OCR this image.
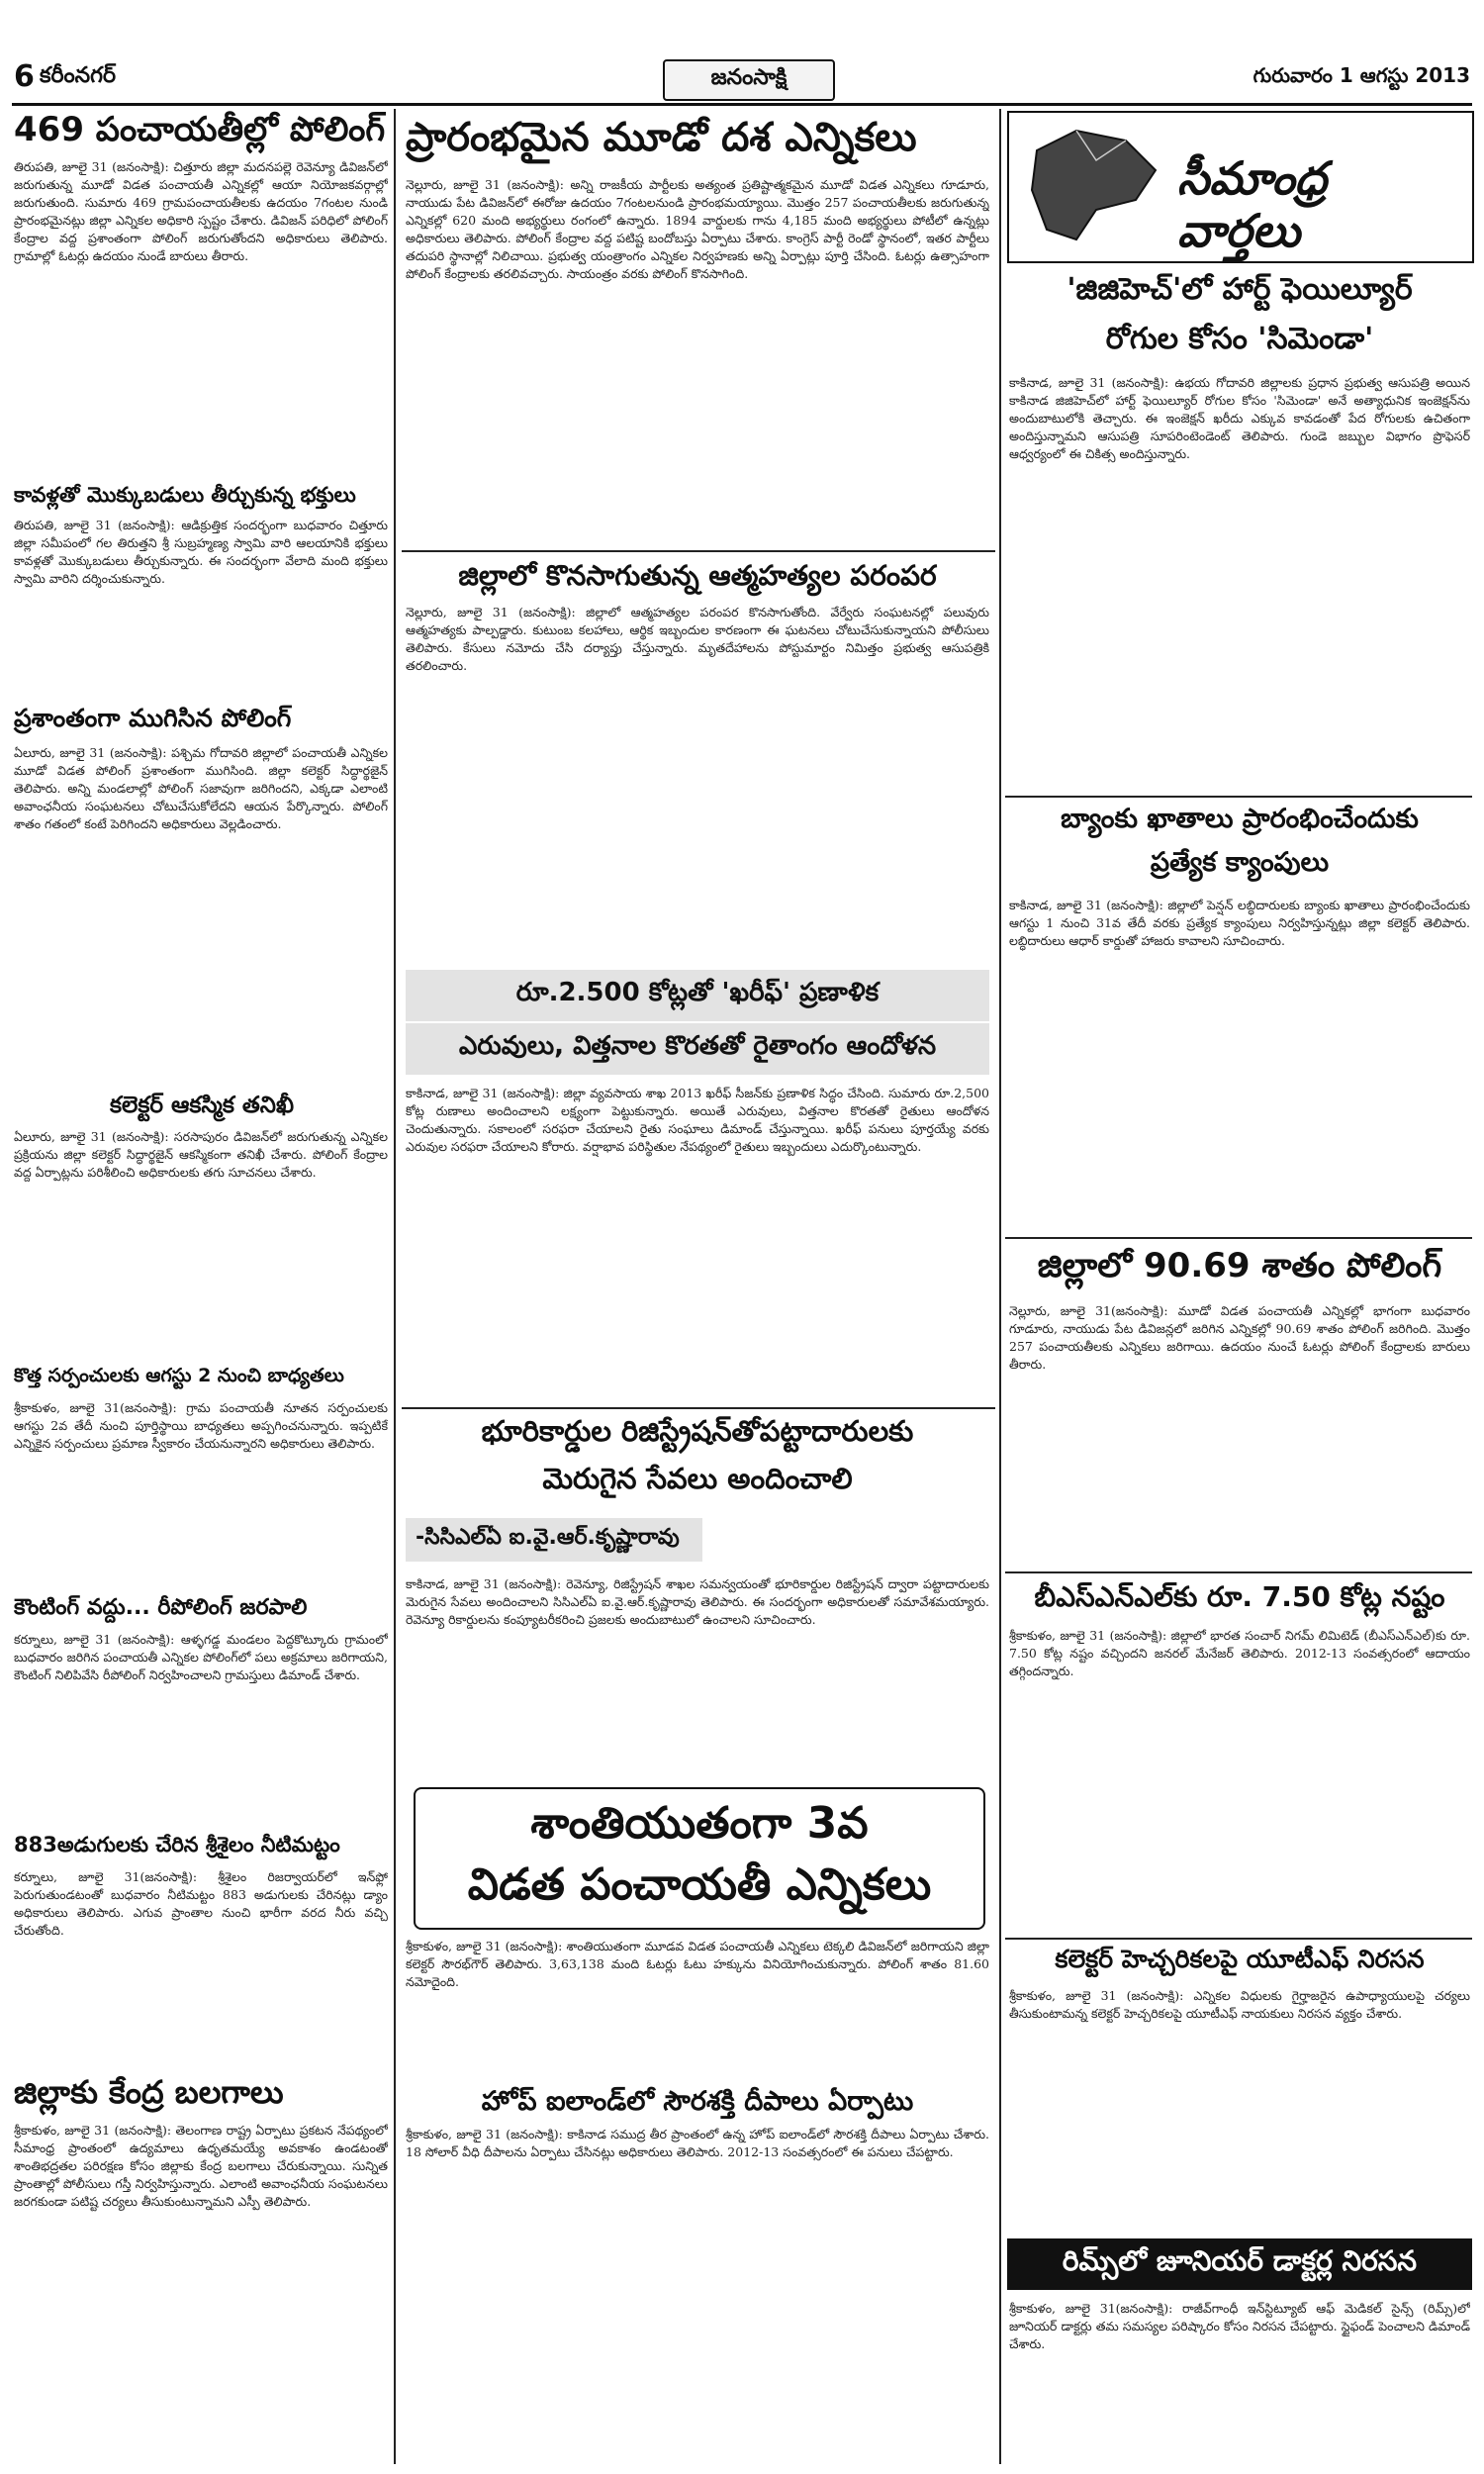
6 కరీంనగర్	జనంసాక్షి	గురువారం 1 ఆగస్టు 2013
469 పంచాయతీల్లో పోలింగ్
తిరుపతి, జూలై 31 (జనంసాక్షి): చిత్తూరు జిల్లా మదనపల్లె రెవెన్యూ డివిజన్‌లో జరుగుతున్న మూడో విడత పంచాయతీ ఎన్నికల్లో ఆయా నియోజకవర్గాల్లో జరుగుతుంది. సుమారు 469 గ్రామపంచాయతీలకు ఉదయం 7గంటల నుండి ప్రారంభమైనట్లు జిల్లా ఎన్నికల అధికారి స్పష్టం చేశారు. డివిజన్ పరిధిలో పోలింగ్ కేంద్రాల వద్ద ప్రశాంతంగా పోలింగ్ జరుగుతోందని అధికారులు తెలిపారు. గ్రామాల్లో ఓటర్లు ఉదయం నుండే బారులు తీరారు.
కావళ్లతో మొక్కుబడులు తీర్చుకున్న భక్తులు
తిరుపతి, జూలై 31 (జనంసాక్షి): ఆడిక్రుత్తిక సందర్భంగా బుధవారం చిత్తూరు జిల్లా సమీపంలో గల తిరుత్తని శ్రీ సుబ్రహ్మణ్య స్వామి వారి ఆలయానికి భక్తులు కావళ్లతో మొక్కుబడులు తీర్చుకున్నారు. ఈ సందర్భంగా వేలాది మంది భక్తులు స్వామి వారిని దర్శించుకున్నారు.
ప్రశాంతంగా ముగిసిన పోలింగ్
ఏలూరు, జూలై 31 (జనంసాక్షి): పశ్చిమ గోదావరి జిల్లాలో పంచాయతీ ఎన్నికల మూడో విడత పోలింగ్ ప్రశాంతంగా ముగిసింది. జిల్లా కలెక్టర్ సిద్ధార్థజైన్ తెలిపారు. అన్ని మండలాల్లో పోలింగ్ సజావుగా జరిగిందని, ఎక్కడా ఎలాంటి అవాంఛనీయ సంఘటనలు చోటుచేసుకోలేదని ఆయన పేర్కొన్నారు. పోలింగ్ శాతం గతంలో కంటే పెరిగిందని అధికారులు వెల్లడించారు.
కలెక్టర్ ఆకస్మిక తనిఖీ
ఏలూరు, జూలై 31 (జనంసాక్షి): సరసాపురం డివిజన్‌లో జరుగుతున్న ఎన్నికల ప్రక్రియను జిల్లా కలెక్టర్ సిద్ధార్థజైన్ ఆకస్మికంగా తనిఖీ చేశారు. పోలింగ్ కేంద్రాల వద్ద ఏర్పాట్లను పరిశీలించి అధికారులకు తగు సూచనలు చేశారు.
కొత్త సర్పంచులకు ఆగస్టు 2 నుంచి బాధ్యతలు
శ్రీకాకుళం, జూలై 31(జనంసాక్షి): గ్రామ పంచాయతీ నూతన సర్పంచులకు ఆగస్టు 2వ తేదీ నుంచి పూర్తిస్థాయి బాధ్యతలు అప్పగించనున్నారు. ఇప్పటికే ఎన్నికైన సర్పంచులు ప్రమాణ స్వీకారం చేయనున్నారని అధికారులు తెలిపారు.
కౌంటింగ్ వద్దు... రీపోలింగ్ జరపాలి
కర్నూలు, జూలై 31 (జనంసాక్షి): ఆళ్ళగడ్డ మండలం పెద్దకొట్కూరు గ్రామంలో బుధవారం జరిగిన పంచాయతీ ఎన్నికల పోలింగ్‌లో పలు అక్రమాలు జరిగాయని, కౌంటింగ్ నిలిపివేసి రీపోలింగ్ నిర్వహించాలని గ్రామస్తులు డిమాండ్ చేశారు.
883అడుగులకు చేరిన శ్రీశైలం నీటిమట్టం
కర్నూలు, జూలై 31(జనంసాక్షి): శ్రీశైలం రిజర్వాయర్‌లో ఇన్‌ఫ్లో పెరుగుతుండటంతో బుధవారం నీటిమట్టం 883 అడుగులకు చేరినట్లు డ్యాం అధికారులు తెలిపారు. ఎగువ ప్రాంతాల నుంచి భారీగా వరద నీరు వచ్చి చేరుతోంది.
జిల్లాకు కేంద్ర బలగాలు
శ్రీకాకుళం, జూలై 31 (జనంసాక్షి): తెలంగాణ రాష్ట్ర ఏర్పాటు ప్రకటన నేపథ్యంలో సీమాంధ్ర ప్రాంతంలో ఉద్యమాలు ఉధృతమయ్యే అవకాశం ఉండటంతో శాంతిభద్రతల పరిరక్షణ కోసం జిల్లాకు కేంద్ర బలగాలు చేరుకున్నాయి. సున్నిత ప్రాంతాల్లో పోలీసులు గస్తీ నిర్వహిస్తున్నారు. ఎలాంటి అవాంఛనీయ సంఘటనలు జరగకుండా పటిష్ట చర్యలు తీసుకుంటున్నామని ఎస్పీ తెలిపారు.
ప్రారంభమైన మూడో దశ ఎన్నికలు
నెల్లూరు, జూలై 31 (జనంసాక్షి): అన్ని రాజకీయ పార్టీలకు అత్యంత ప్రతిష్టాత్మకమైన మూడో విడత ఎన్నికలు గూడూరు, నాయుడు పేట డివిజన్‌లో ఈరోజు ఉదయం 7గంటలనుండి ప్రారంభమయ్యాయి. మొత్తం 257 పంచాయతీలకు జరుగుతున్న ఎన్నికల్లో 620 మంది అభ్యర్థులు రంగంలో ఉన్నారు. 1894 వార్డులకు గాను 4,185 మంది అభ్యర్థులు పోటీలో ఉన్నట్లు అధికారులు తెలిపారు. పోలింగ్ కేంద్రాల వద్ద పటిష్ట బందోబస్తు ఏర్పాటు చేశారు. కాంగ్రెస్ పార్టీ రెండో స్థానంలో, ఇతర పార్టీలు తదుపరి స్థానాల్లో నిలిచాయి. ప్రభుత్వ యంత్రాంగం ఎన్నికల నిర్వహణకు అన్ని ఏర్పాట్లు పూర్తి చేసింది. ఓటర్లు ఉత్సాహంగా పోలింగ్ కేంద్రాలకు తరలివచ్చారు. సాయంత్రం వరకు పోలింగ్ కొనసాగింది.
జిల్లాలో కొనసాగుతున్న ఆత్మహత్యల పరంపర
నెల్లూరు, జూలై 31 (జనంసాక్షి): జిల్లాలో ఆత్మహత్యల పరంపర కొనసాగుతోంది. వేర్వేరు సంఘటనల్లో పలువురు ఆత్మహత్యకు పాల్పడ్డారు. కుటుంబ కలహాలు, ఆర్థిక ఇబ్బందుల కారణంగా ఈ ఘటనలు చోటుచేసుకున్నాయని పోలీసులు తెలిపారు. కేసులు నమోదు చేసి దర్యాప్తు చేస్తున్నారు. మృతదేహాలను పోస్టుమార్టం నిమిత్తం ప్రభుత్వ ఆసుపత్రికి తరలించారు.
రూ.2.500 కోట్లతో 'ఖరీఫ్' ప్రణాళిక
ఎరువులు, విత్తనాల కొరతతో రైతాంగం ఆందోళన
కాకినాడ, జూలై 31 (జనంసాక్షి): జిల్లా వ్యవసాయ శాఖ 2013 ఖరీఫ్ సీజన్‌కు ప్రణాళిక సిద్ధం చేసింది. సుమారు రూ.2,500 కోట్ల రుణాలు అందించాలని లక్ష్యంగా పెట్టుకున్నారు. అయితే ఎరువులు, విత్తనాల కొరతతో రైతులు ఆందోళన చెందుతున్నారు. సకాలంలో సరఫరా చేయాలని రైతు సంఘాలు డిమాండ్ చేస్తున్నాయి. ఖరీఫ్ పనులు పూర్తయ్యే వరకు ఎరువుల సరఫరా చేయాలని కోరారు. వర్షాభావ పరిస్థితుల నేపథ్యంలో రైతులు ఇబ్బందులు ఎదుర్కొంటున్నారు.
భూరికార్డుల రిజిస్ట్రేషన్‌తోపట్టాదారులకు
మెరుగైన సేవలు అందించాలి
-సిసిఎల్ఏ ఐ.వై.ఆర్.కృష్ణారావు
కాకినాడ, జూలై 31 (జనంసాక్షి): రెవెన్యూ, రిజిస్ట్రేషన్ శాఖల సమన్వయంతో భూరికార్డుల రిజిస్ట్రేషన్ ద్వారా పట్టాదారులకు మెరుగైన సేవలు అందించాలని సిసిఎల్ఏ ఐ.వై.ఆర్.కృష్ణారావు తెలిపారు. ఈ సందర్భంగా అధికారులతో సమావేశమయ్యారు. రెవెన్యూ రికార్డులను కంప్యూటరీకరించి ప్రజలకు అందుబాటులో ఉంచాలని సూచించారు.
శాంతియుతంగా 3వ
విడత పంచాయతీ ఎన్నికలు
శ్రీకాకుళం, జూలై 31 (జనంసాక్షి): శాంతియుతంగా మూడవ విడత పంచాయతీ ఎన్నికలు టెక్కలి డివిజన్‌లో జరిగాయని జిల్లా కలెక్టర్ సౌరభ్‌గౌర్ తెలిపారు. 3,63,138 మంది ఓటర్లు ఓటు హక్కును వినియోగించుకున్నారు. పోలింగ్ శాతం 81.60 నమోదైంది.
హోప్ ఐలాండ్‌లో సౌరశక్తి దీపాలు ఏర్పాటు
శ్రీకాకుళం, జూలై 31 (జనంసాక్షి): కాకినాడ సముద్ర తీర ప్రాంతంలో ఉన్న హోప్ ఐలాండ్‌లో సౌరశక్తి దీపాలు ఏర్పాటు చేశారు. 18 సోలార్ వీధి దీపాలను ఏర్పాటు చేసినట్లు అధికారులు తెలిపారు. 2012-13 సంవత్సరంలో ఈ పనులు చేపట్టారు.
సీమాంధ్ర వార్తలు
'జిజిహెచ్'లో హార్ట్ ఫెయిల్యూర్
రోగుల కోసం 'సిమెండా'
కాకినాడ, జూలై 31 (జనంసాక్షి): ఉభయ గోదావరి జిల్లాలకు ప్రధాన ప్రభుత్వ ఆసుపత్రి అయిన కాకినాడ జిజిహెచ్‌లో హార్ట్ ఫెయిల్యూర్ రోగుల కోసం 'సిమెండా' అనే అత్యాధునిక ఇంజెక్షన్‌ను అందుబాటులోకి తెచ్చారు. ఈ ఇంజెక్షన్ ఖరీదు ఎక్కువ కావడంతో పేద రోగులకు ఉచితంగా అందిస్తున్నామని ఆసుపత్రి సూపరింటెండెంట్ తెలిపారు. గుండె జబ్బుల విభాగం ప్రొఫెసర్ ఆధ్వర్యంలో ఈ చికిత్స అందిస్తున్నారు.
బ్యాంకు ఖాతాలు ప్రారంభించేందుకు
ప్రత్యేక క్యాంపులు
కాకినాడ, జూలై 31 (జనంసాక్షి): జిల్లాలో పెన్షన్ లబ్ధిదారులకు బ్యాంకు ఖాతాలు ప్రారంభించేందుకు ఆగస్టు 1 నుంచి 31వ తేదీ వరకు ప్రత్యేక క్యాంపులు నిర్వహిస్తున్నట్లు జిల్లా కలెక్టర్ తెలిపారు. లబ్ధిదారులు ఆధార్ కార్డుతో హాజరు కావాలని సూచించారు.
జిల్లాలో 90.69 శాతం పోలింగ్
నెల్లూరు, జూలై 31(జనంసాక్షి): మూడో విడత పంచాయతీ ఎన్నికల్లో భాగంగా బుధవారం గూడూరు, నాయుడు పేట డివిజన్లలో జరిగిన ఎన్నికల్లో 90.69 శాతం పోలింగ్ జరిగింది. మొత్తం 257 పంచాయతీలకు ఎన్నికలు జరిగాయి. ఉదయం నుంచే ఓటర్లు పోలింగ్ కేంద్రాలకు బారులు తీరారు.
బీఎస్ఎన్ఎల్‌కు రూ. 7.50 కోట్ల నష్టం
శ్రీకాకుళం, జూలై 31 (జనంసాక్షి): జిల్లాలో భారత సంచార్ నిగమ్ లిమిటెడ్ (బీఎస్ఎన్ఎల్)కు రూ. 7.50 కోట్ల నష్టం వచ్చిందని జనరల్ మేనేజర్ తెలిపారు. 2012-13 సంవత్సరంలో ఆదాయం తగ్గిందన్నారు.
కలెక్టర్ హెచ్చరికలపై యూటీఎఫ్ నిరసన
శ్రీకాకుళం, జూలై 31 (జనంసాక్షి): ఎన్నికల విధులకు గైర్హాజరైన ఉపాధ్యాయులపై చర్యలు తీసుకుంటామన్న కలెక్టర్ హెచ్చరికలపై యూటీఎఫ్ నాయకులు నిరసన వ్యక్తం చేశారు.
రిమ్స్‌లో జూనియర్ డాక్టర్ల నిరసన
శ్రీకాకుళం, జూలై 31(జనంసాక్షి): రాజీవ్‌గాంధీ ఇన్‌స్టిట్యూట్ ఆఫ్ మెడికల్ సైన్స్ (రిమ్స్)లో జూనియర్ డాక్టర్లు తమ సమస్యల పరిష్కారం కోసం నిరసన చేపట్టారు. స్టైఫండ్ పెంచాలని డిమాండ్ చేశారు.
